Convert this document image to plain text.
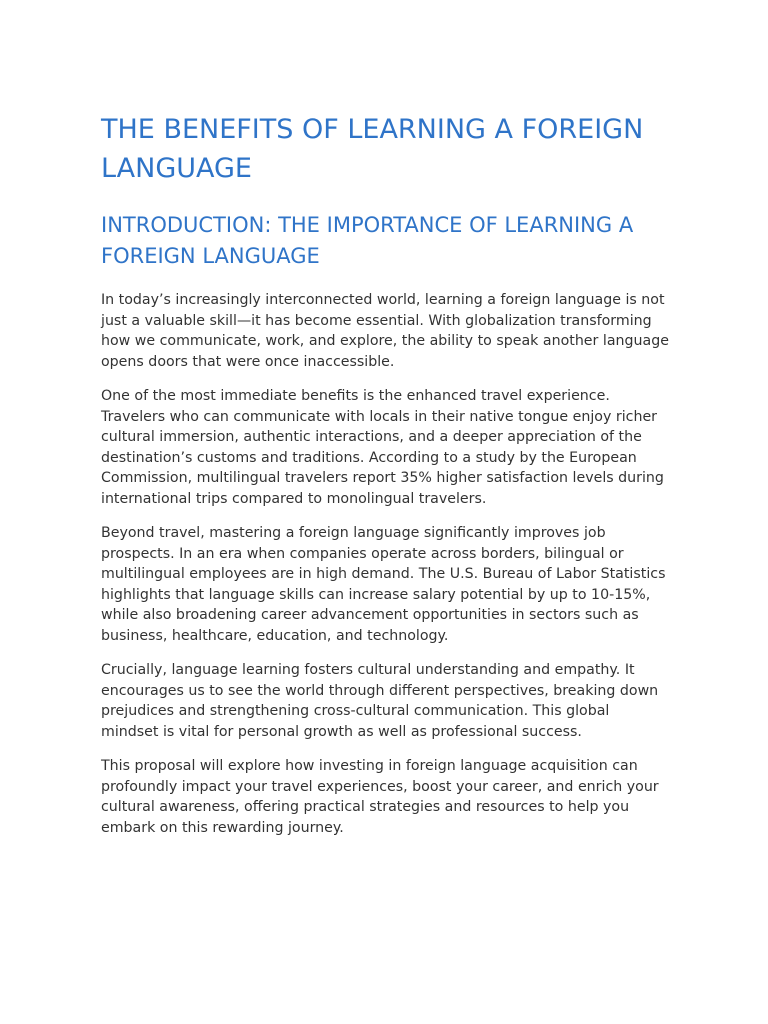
THE BENEFITS OF LEARNING A FOREIGN LANGUAGE
INTRODUCTION: THE IMPORTANCE OF LEARNING A FOREIGN LANGUAGE

In today’s increasingly interconnected world, learning a foreign language is not just a valuable skill—it has become essential. With globalization transforming how we communicate, work, and explore, the ability to speak another language opens doors that were once inaccessible.

One of the most immediate benefits is the enhanced travel experience. Travelers who can communicate with locals in their native tongue enjoy richer cultural immersion, authentic interactions, and a deeper appreciation of the destination’s customs and traditions. According to a study by the European Commission, multilingual travelers report 35% higher satisfaction levels during international trips compared to monolingual travelers.

Beyond travel, mastering a foreign language significantly improves job prospects. In an era when companies operate across borders, bilingual or multilingual employees are in high demand. The U.S. Bureau of Labor Statistics highlights that language skills can increase salary potential by up to 10-15%, while also broadening career advancement opportunities in sectors such as business, healthcare, education, and technology.

Crucially, language learning fosters cultural understanding and empathy. It encourages us to see the world through different perspectives, breaking down prejudices and strengthening cross-cultural communication. This global mindset is vital for personal growth as well as professional success.

This proposal will explore how investing in foreign language acquisition can profoundly impact your travel experiences, boost your career, and enrich your cultural awareness, offering practical strategies and resources to help you embark on this rewarding journey.
